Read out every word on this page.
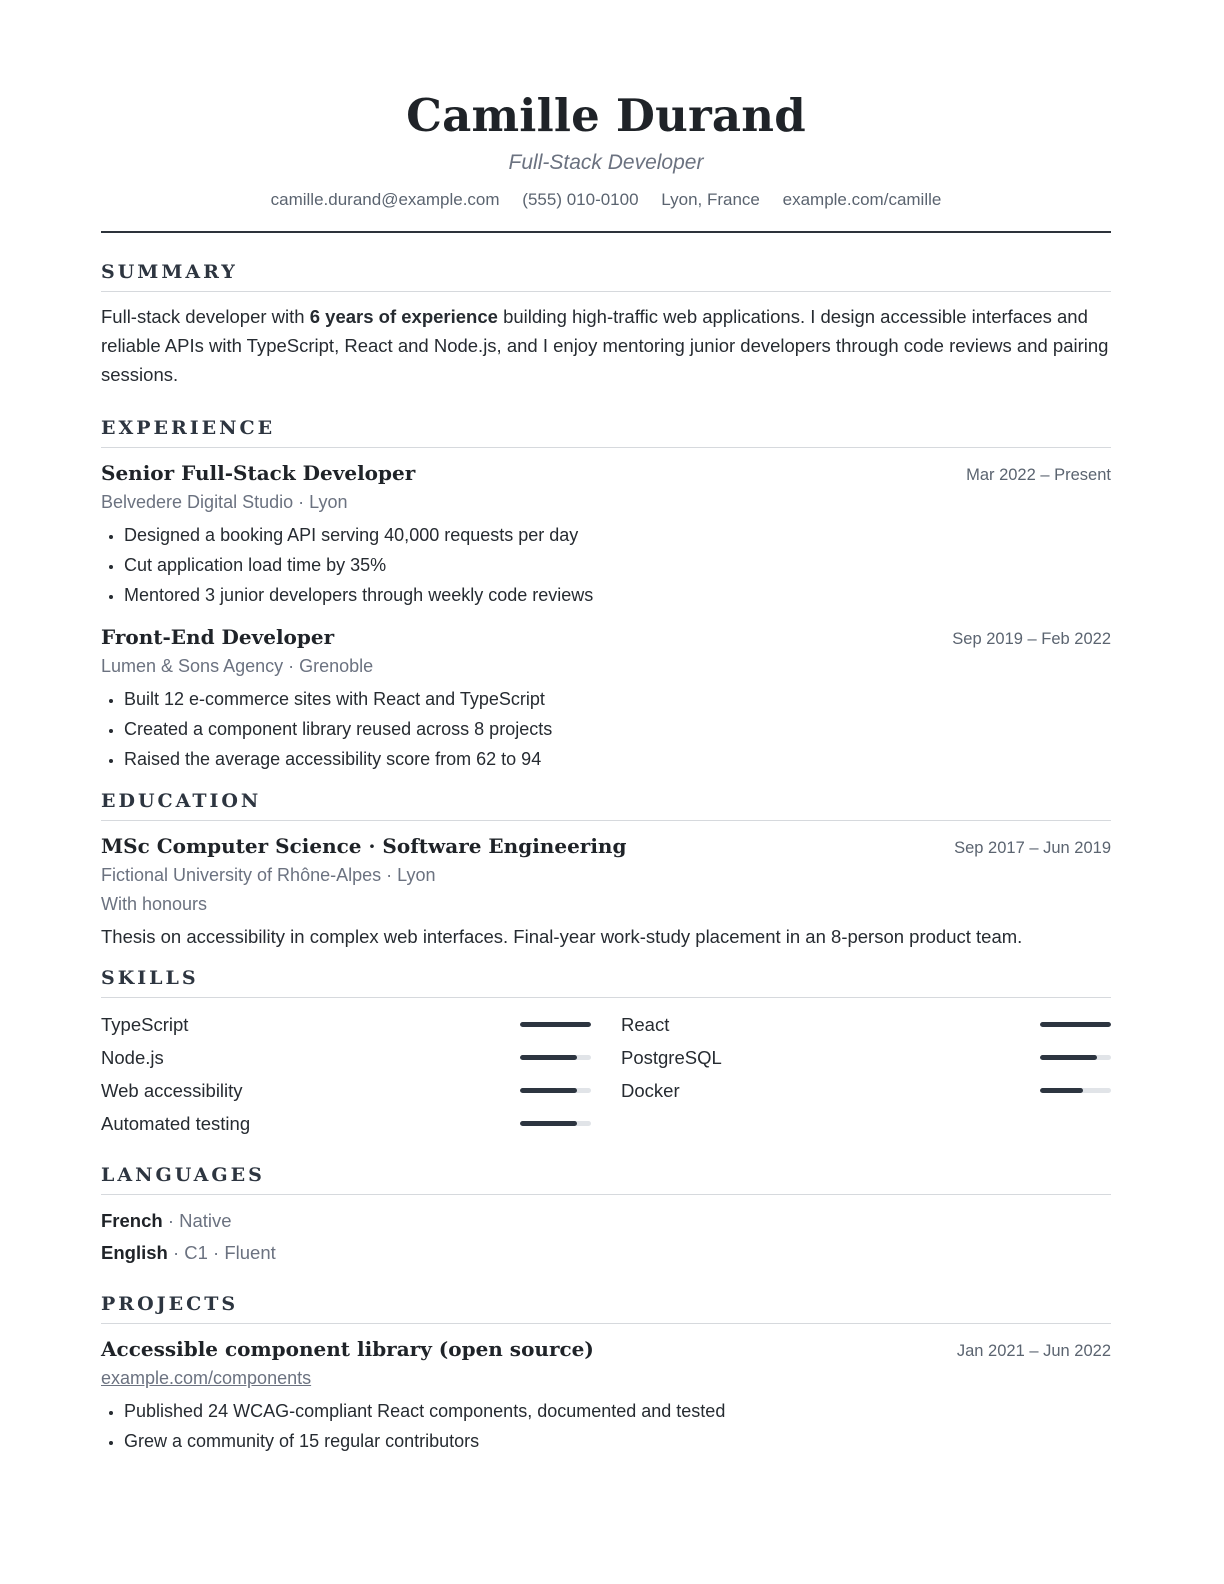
Camille Durand
Full-Stack Developer
camille.durand@example.com (555) 010-0100 Lyon, France example.com/camille
SUMMARY
Full-stack developer with 6 years of experience building high-traffic web applications. I design accessible interfaces and reliable APIs with TypeScript, React and Node.js, and I enjoy mentoring junior developers through code reviews and pairing sessions.
EXPERIENCE
Senior Full-Stack Developer	Mar 2022 – Present
Belvedere Digital Studio · Lyon
• Designed a booking API serving 40,000 requests per day
• Cut application load time by 35%
• Mentored 3 junior developers through weekly code reviews
Front-End Developer	Sep 2019 – Feb 2022
Lumen & Sons Agency · Grenoble
• Built 12 e-commerce sites with React and TypeScript
• Created a component library reused across 8 projects
• Raised the average accessibility score from 62 to 94
EDUCATION
MSc Computer Science · Software Engineering	Sep 2017 – Jun 2019
Fictional University of Rhône-Alpes · Lyon
With honours
Thesis on accessibility in complex web interfaces. Final-year work-study placement in an 8-person product team.
SKILLS
TypeScript	React
Node.js	PostgreSQL
Web accessibility	Docker
Automated testing
LANGUAGES
French · Native
English · C1 · Fluent
PROJECTS
Accessible component library (open source)	Jan 2021 – Jun 2022
example.com/components
• Published 24 WCAG-compliant React components, documented and tested
• Grew a community of 15 regular contributors
